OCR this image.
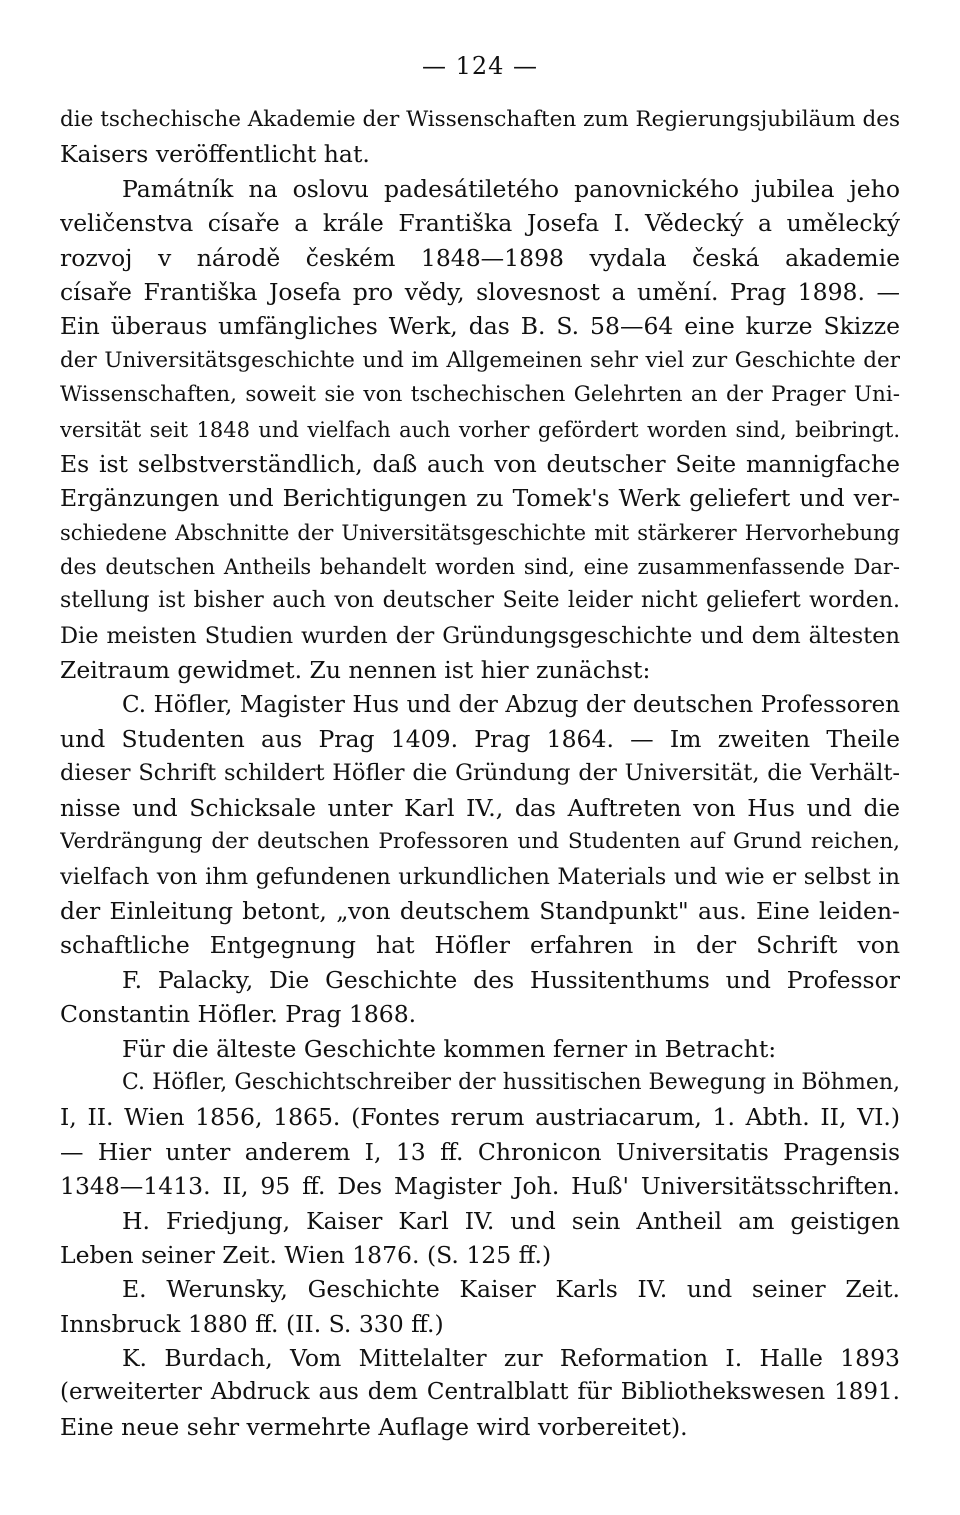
— 124 —
die tschechische Akademie der Wissenschaften zum Regierungsjubiläum des
Kaisers veröffentlicht hat.
Památník na oslovu padesátiletého panovnického jubilea jeho
veličenstva císaře a krále Františka Josefa I. Vědecký a umělecký
rozvoj v národě českém 1848—1898 vydala česká akademie
císaře Františka Josefa pro vědy, slovesnost a umění. Prag 1898. —
Ein überaus umfängliches Werk, das B. S. 58—64 eine kurze Skizze
der Universitätsgeschichte und im Allgemeinen sehr viel zur Geschichte der
Wissenschaften, soweit sie von tschechischen Gelehrten an der Prager Uni-
versität seit 1848 und vielfach auch vorher gefördert worden sind, beibringt.
Es ist selbstverständlich, daß auch von deutscher Seite mannigfache
Ergänzungen und Berichtigungen zu Tomek's Werk geliefert und ver-
schiedene Abschnitte der Universitätsgeschichte mit stärkerer Hervorhebung
des deutschen Antheils behandelt worden sind, eine zusammenfassende Dar-
stellung ist bisher auch von deutscher Seite leider nicht geliefert worden.
Die meisten Studien wurden der Gründungsgeschichte und dem ältesten
Zeitraum gewidmet. Zu nennen ist hier zunächst:
C. Höfler, Magister Hus und der Abzug der deutschen Professoren
und Studenten aus Prag 1409. Prag 1864. — Im zweiten Theile
dieser Schrift schildert Höfler die Gründung der Universität, die Verhält-
nisse und Schicksale unter Karl IV., das Auftreten von Hus und die
Verdrängung der deutschen Professoren und Studenten auf Grund reichen,
vielfach von ihm gefundenen urkundlichen Materials und wie er selbst in
der Einleitung betont, „von deutschem Standpunkt" aus. Eine leiden-
schaftliche Entgegnung hat Höfler erfahren in der Schrift von
F. Palacky, Die Geschichte des Hussitenthums und Professor
Constantin Höfler. Prag 1868.
Für die älteste Geschichte kommen ferner in Betracht:
C. Höfler, Geschichtschreiber der hussitischen Bewegung in Böhmen,
I, II. Wien 1856, 1865. (Fontes rerum austriacarum, 1. Abth. II, VI.)
— Hier unter anderem I, 13 ff. Chronicon Universitatis Pragensis
1348—1413. II, 95 ff. Des Magister Joh. Huß' Universitätsschriften.
H. Friedjung, Kaiser Karl IV. und sein Antheil am geistigen
Leben seiner Zeit. Wien 1876. (S. 125 ff.)
E. Werunsky, Geschichte Kaiser Karls IV. und seiner Zeit.
Innsbruck 1880 ff. (II. S. 330 ff.)
K. Burdach, Vom Mittelalter zur Reformation I. Halle 1893
(erweiterter Abdruck aus dem Centralblatt für Bibliothekswesen 1891.
Eine neue sehr vermehrte Auflage wird vorbereitet).
